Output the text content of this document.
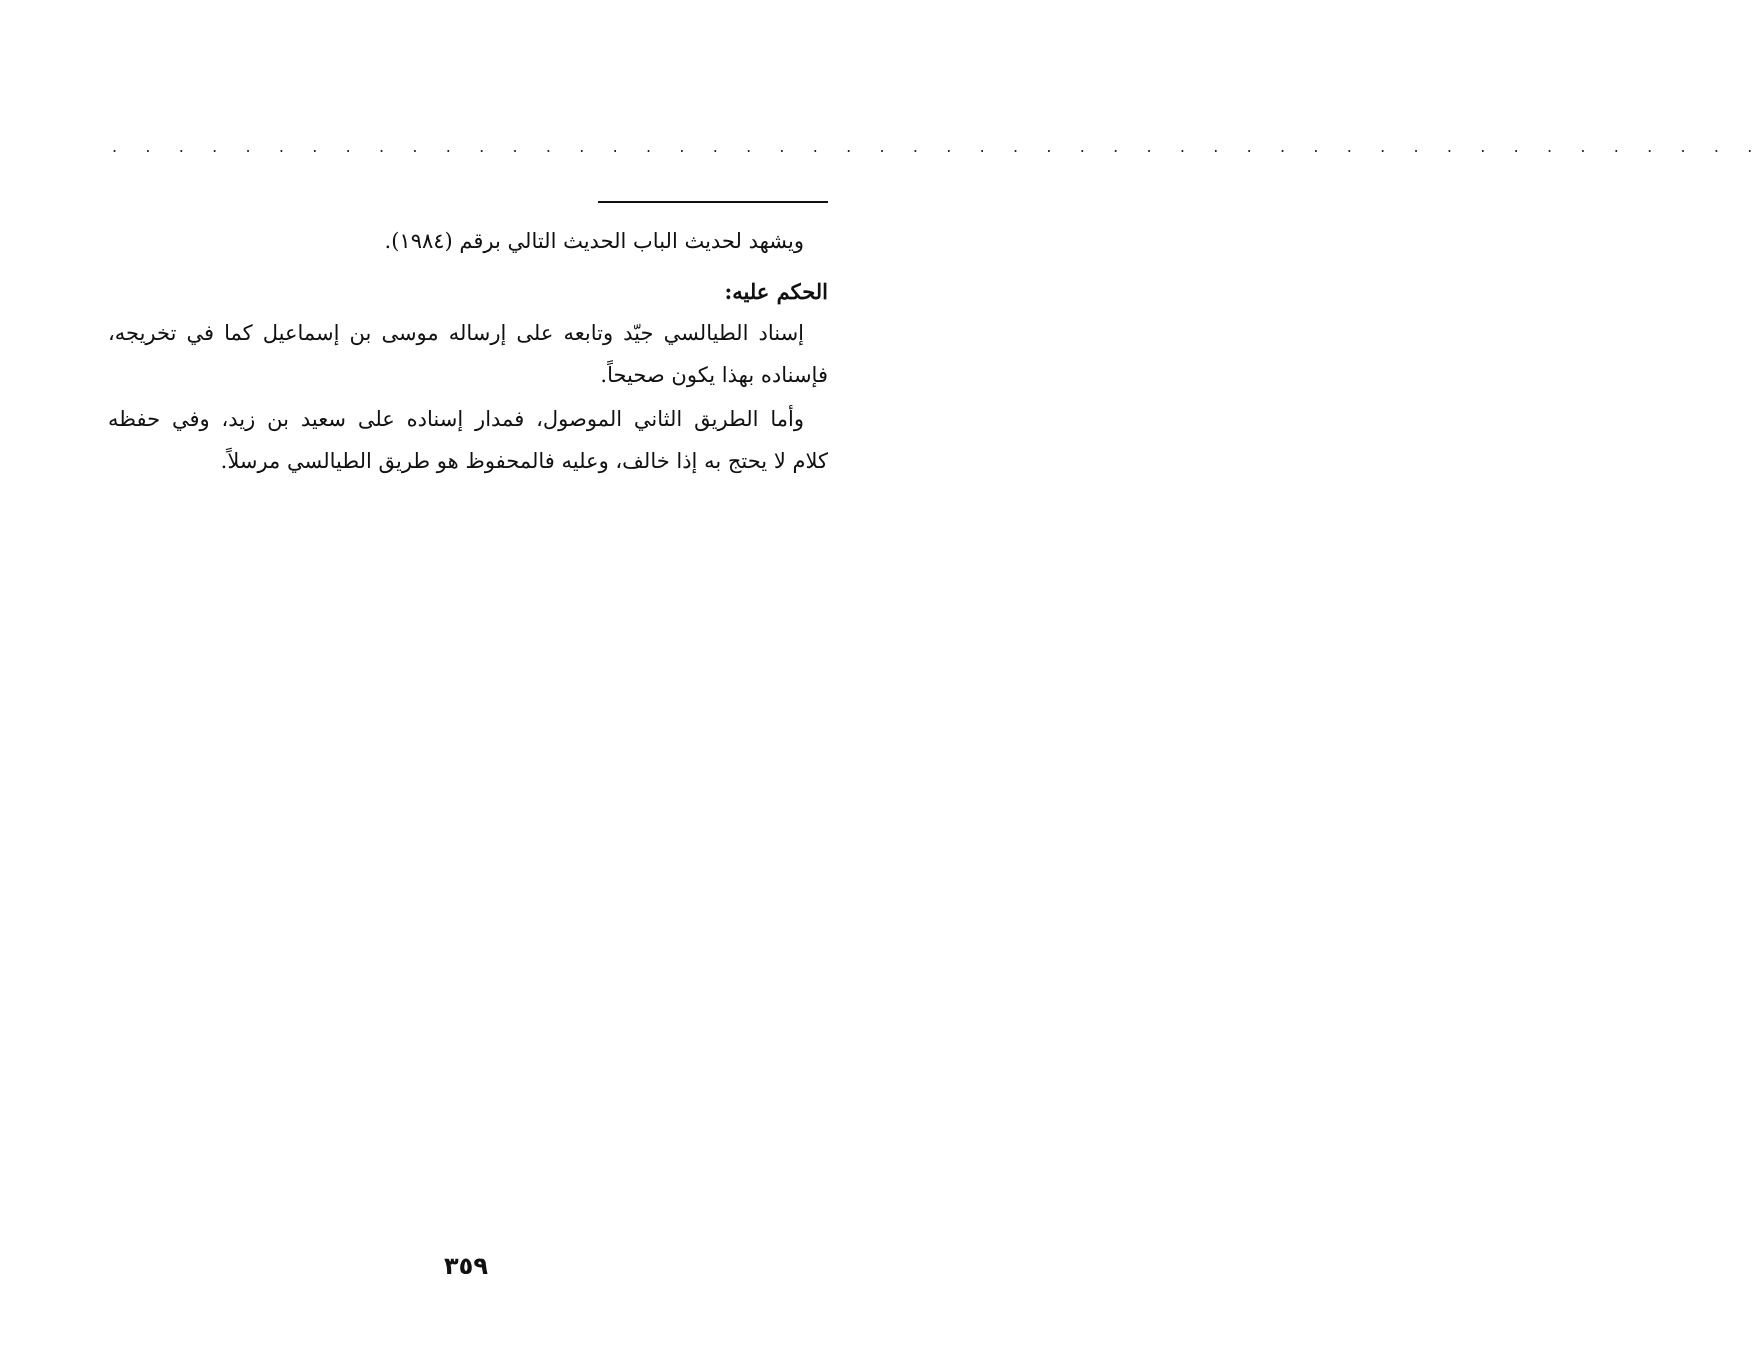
. . . . . . . . . . . . . . . . . . . . . . . . . . . . . . . . . . . . . . . . . . . . . . . . . .
ويشهد لحديث الباب الحديث التالي برقم (١٩٨٤).
الحكم عليه:
إسناد الطيالسي جيّد وتابعه على إرساله موسى بن إسماعيل كما في تخريجه،
فإسناده بهذا يكون صحيحاً.
وأما الطريق الثاني الموصول، فمدار إسناده على سعيد بن زيد، وفي حفظه
كلام لا يحتج به إذا خالف، وعليه فالمحفوظ هو طريق الطيالسي مرسلاً.
٣٥٩
